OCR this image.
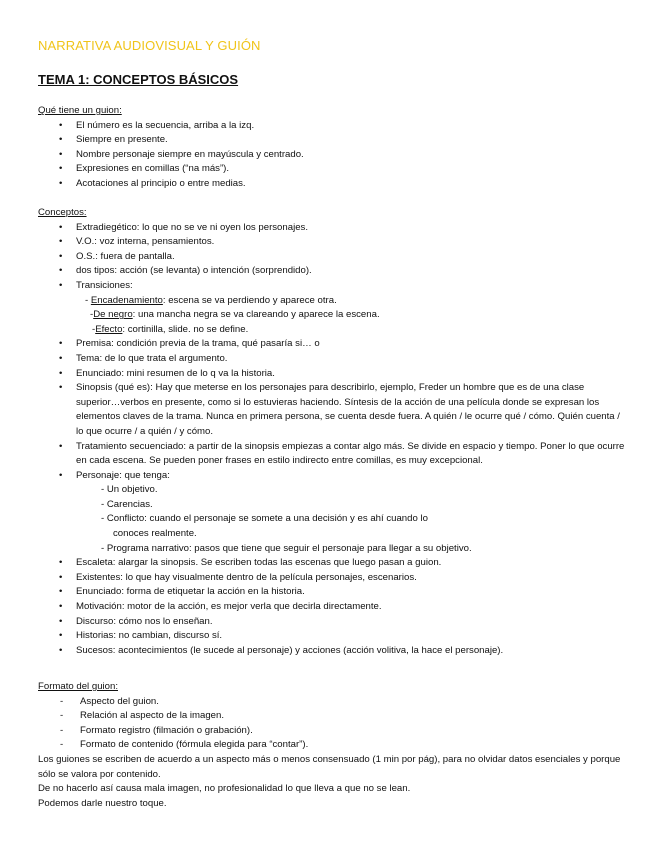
NARRATIVA AUDIOVISUAL Y GUIÓN
TEMA 1: CONCEPTOS BÁSICOS
Qué tiene un guion:
• El número es la secuencia, arriba a la izq.
• Siempre en presente.
• Nombre personaje siempre en mayúscula y centrado.
• Expresiones en comillas (“na más”).
• Acotaciones al principio o entre medias.
Conceptos:
• Extradiegético: lo que no se ve ni oyen los personajes.
• V.O.: voz interna, pensamientos.
• O.S.: fuera de pantalla.
• dos tipos: acción (se levanta) o intención (sorprendido).
• Transiciones:
- Encadenamiento: escena se va perdiendo y aparece otra.
-De negro: una mancha negra se va clareando y aparece la escena.
-Efecto: cortinilla, slide. no se define.
• Premisa: condición previa de la trama, qué pasaría si… o
• Tema: de lo que trata el argumento.
• Enunciado: mini resumen de lo q va la historia.
• Sinopsis (qué es): Hay que meterse en los personajes para describirlo, ejemplo, Freder un hombre que es de una clase superior…verbos en presente, como si lo estuvieras haciendo. Síntesis de la acción de una película donde se expresan los elementos claves de la trama. Nunca en primera persona, se cuenta desde fuera. A quién / le ocurre qué / cómo. Quién cuenta / lo que ocurre / a quién / y cómo.
• Tratamiento secuenciado: a partir de la sinopsis empiezas a contar algo más. Se divide en espacio y tiempo. Poner lo que ocurre en cada escena. Se pueden poner frases en estilo indirecto entre comillas, es muy excepcional.
• Personaje: que tenga:
- Un objetivo.
- Carencias.
- Conflicto: cuando el personaje se somete a una decisión y es ahí cuando lo
conoces realmente.
- Programa narrativo: pasos que tiene que seguir el personaje para llegar a su objetivo.
• Escaleta: alargar la sinopsis. Se escriben todas las escenas que luego pasan a guion.
• Existentes: lo que hay visualmente dentro de la película personajes, escenarios.
• Enunciado: forma de etiquetar la acción en la historia.
• Motivación: motor de la acción, es mejor verla que decirla directamente.
• Discurso: cómo nos lo enseñan.
• Historias: no cambian, discurso sí.
• Sucesos: acontecimientos (le sucede al personaje) y acciones (acción volitiva, la hace el personaje).
Formato del guion:
- Aspecto del guion.
- Relación al aspecto de la imagen.
- Formato registro (filmación o grabación).
- Formato de contenido (fórmula elegida para “contar”).
Los guiones se escriben de acuerdo a un aspecto más o menos consensuado (1 min por pág), para no olvidar datos esenciales y porque sólo se valora por contenido.
De no hacerlo así causa mala imagen, no profesionalidad lo que lleva a que no se lean.
Podemos darle nuestro toque.
